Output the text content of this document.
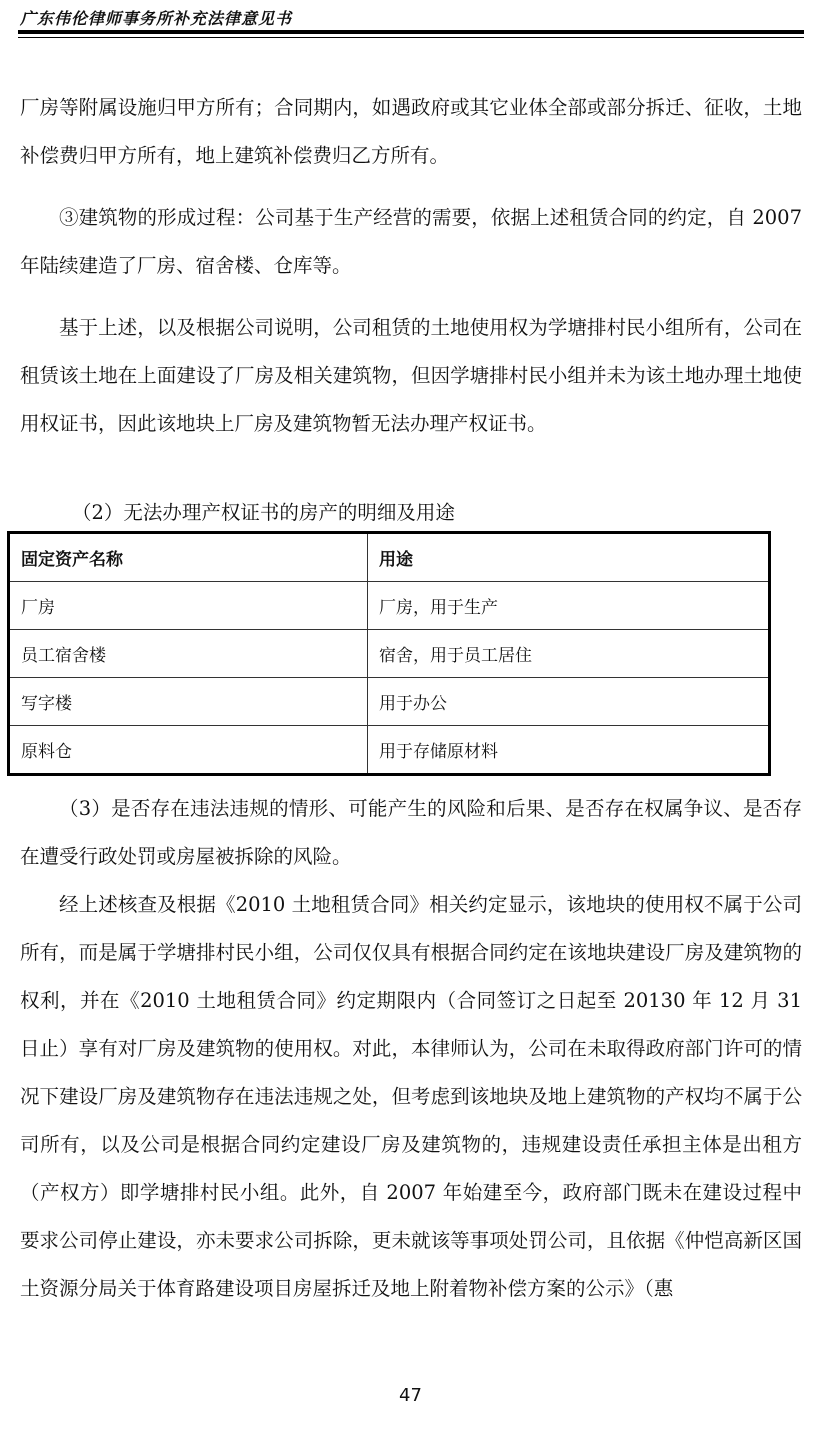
广东伟伦律师事务所补充法律意见书

厂房等附属设施归甲方所有；合同期内，如遇政府或其它业体全部或部分拆迁、征收，土地补偿费归甲方所有，地上建筑补偿费归乙方所有。

③建筑物的形成过程：公司基于生产经营的需要，依据上述租赁合同的约定，自 2007 年陆续建造了厂房、宿舍楼、仓库等。

基于上述，以及根据公司说明，公司租赁的土地使用权为学塘排村民小组所有，公司在租赁该土地在上面建设了厂房及相关建筑物，但因学塘排村民小组并未为该土地办理土地使用权证书，因此该地块上厂房及建筑物暂无法办理产权证书。

（2）无法办理产权证书的房产的明细及用途
固定资产名称	用途
厂房	厂房，用于生产
员工宿舍楼	宿舍，用于员工居住
写字楼	用于办公
原料仓	用于存储原材料

（3）是否存在违法违规的情形、可能产生的风险和后果、是否存在权属争议、是否存在遭受行政处罚或房屋被拆除的风险。

经上述核查及根据《2010 土地租赁合同》相关约定显示，该地块的使用权不属于公司所有，而是属于学塘排村民小组，公司仅仅具有根据合同约定在该地块建设厂房及建筑物的权利，并在《2010 土地租赁合同》约定期限内（合同签订之日起至 20130 年 12 月 31 日止）享有对厂房及建筑物的使用权。对此，本律师认为，公司在未取得政府部门许可的情况下建设厂房及建筑物存在违法违规之处，但考虑到该地块及地上建筑物的产权均不属于公司所有，以及公司是根据合同约定建设厂房及建筑物的，违规建设责任承担主体是出租方（产权方）即学塘排村民小组。此外，自 2007 年始建至今，政府部门既未在建设过程中要求公司停止建设，亦未要求公司拆除，更未就该等事项处罚公司，且依据《仲恺高新区国土资源分局关于体育路建设项目房屋拆迁及地上附着物补偿方案的公示》（惠

47
